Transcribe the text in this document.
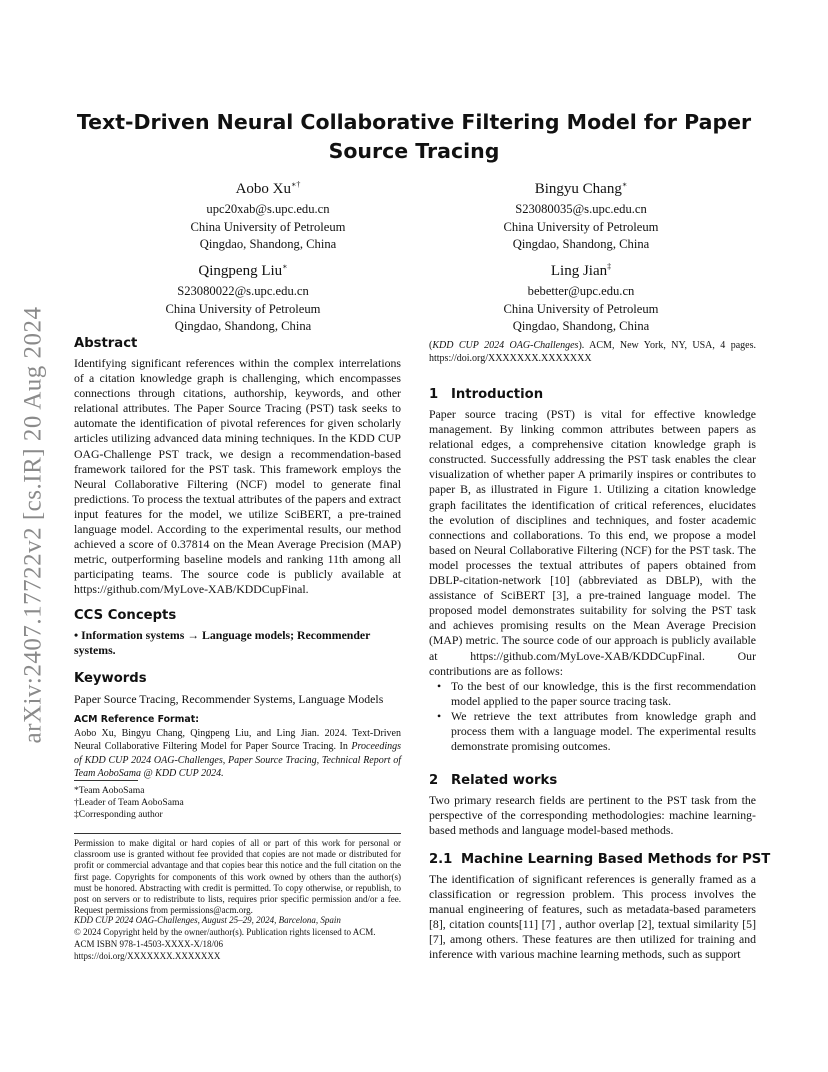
arXiv:2407.17722v2 [cs.IR] 20 Aug 2024
Text-Driven Neural Collaborative Filtering Model for Paper Source Tracing
Aobo Xu∗†
upc20xab@s.upc.edu.cn
China University of Petroleum
Qingdao, Shandong, China
Bingyu Chang∗
S23080035@s.upc.edu.cn
China University of Petroleum
Qingdao, Shandong, China
Qingpeng Liu∗
S23080022@s.upc.edu.cn
China University of Petroleum
Qingdao, Shandong, China
Ling Jian‡
bebetter@upc.edu.cn
China University of Petroleum
Qingdao, Shandong, China
Abstract
Identifying significant references within the complex interrelations of a citation knowledge graph is challenging, which encompasses connections through citations, authorship, keywords, and other relational attributes. The Paper Source Tracing (PST) task seeks to automate the identification of pivotal references for given scholarly articles utilizing advanced data mining techniques. In the KDD CUP OAG-Challenge PST track, we design a recommendation-based framework tailored for the PST task. This framework employs the Neural Collaborative Filtering (NCF) model to generate final predictions. To process the textual attributes of the papers and extract input features for the model, we utilize SciBERT, a pre-trained language model. According to the experimental results, our method achieved a score of 0.37814 on the Mean Average Precision (MAP) metric, outperforming baseline models and ranking 11th among all participating teams. The source code is publicly available at https://github.com/MyLove-XAB/KDDCupFinal.
CCS Concepts
• Information systems → Language models; Recommender systems.
Keywords
Paper Source Tracing, Recommender Systems, Language Models
ACM Reference Format:
Aobo Xu, Bingyu Chang, Qingpeng Liu, and Ling Jian. 2024. Text-Driven Neural Collaborative Filtering Model for Paper Source Tracing. In Proceedings of KDD CUP 2024 OAG-Challenges, Paper Source Tracing, Technical Report of Team AoboSama @ KDD CUP 2024.
*Team AoboSama
†Leader of Team AoboSama
‡Corresponding author
Permission to make digital or hard copies of all or part of this work for personal or classroom use is granted without fee provided that copies are not made or distributed for profit or commercial advantage and that copies bear this notice and the full citation on the first page. Copyrights for components of this work owned by others than the author(s) must be honored. Abstracting with credit is permitted. To copy otherwise, or republish, to post on servers or to redistribute to lists, requires prior specific permission and/or a fee. Request permissions from permissions@acm.org.
KDD CUP 2024 OAG-Challenges, August 25–29, 2024, Barcelona, Spain
© 2024 Copyright held by the owner/author(s). Publication rights licensed to ACM.
ACM ISBN 978-1-4503-XXXX-X/18/06
https://doi.org/XXXXXXX.XXXXXXX
(KDD CUP 2024 OAG-Challenges). ACM, New York, NY, USA, 4 pages. https://doi.org/XXXXXXX.XXXXXXX
1 Introduction
Paper source tracing (PST) is vital for effective knowledge management. By linking common attributes between papers as relational edges, a comprehensive citation knowledge graph is constructed. Successfully addressing the PST task enables the clear visualization of whether paper A primarily inspires or contributes to paper B, as illustrated in Figure 1. Utilizing a citation knowledge graph facilitates the identification of critical references, elucidates the evolution of disciplines and techniques, and foster academic connections and collaborations. To this end, we propose a model based on Neural Collaborative Filtering (NCF) for the PST task. The model processes the textual attributes of papers obtained from DBLP-citation-network [10] (abbreviated as DBLP), with the assistance of SciBERT [3], a pre-trained language model. The proposed model demonstrates suitability for solving the PST task and achieves promising results on the Mean Average Precision (MAP) metric. The source code of our approach is publicly available at https://github.com/MyLove-XAB/KDDCupFinal. Our contributions are as follows:
• To the best of our knowledge, this is the first recommendation model applied to the paper source tracing task.
• We retrieve the text attributes from knowledge graph and process them with a language model. The experimental results demonstrate promising outcomes.
2 Related works
Two primary research fields are pertinent to the PST task from the perspective of the corresponding methodologies: machine learning-based methods and language model-based methods.
2.1 Machine Learning Based Methods for PST
The identification of significant references is generally framed as a classification or regression problem. This process involves the manual engineering of features, such as metadata-based parameters [8], citation counts[11] [7] , author overlap [2], textual similarity [5] [7], among others. These features are then utilized for training and inference with various machine learning methods, such as support
